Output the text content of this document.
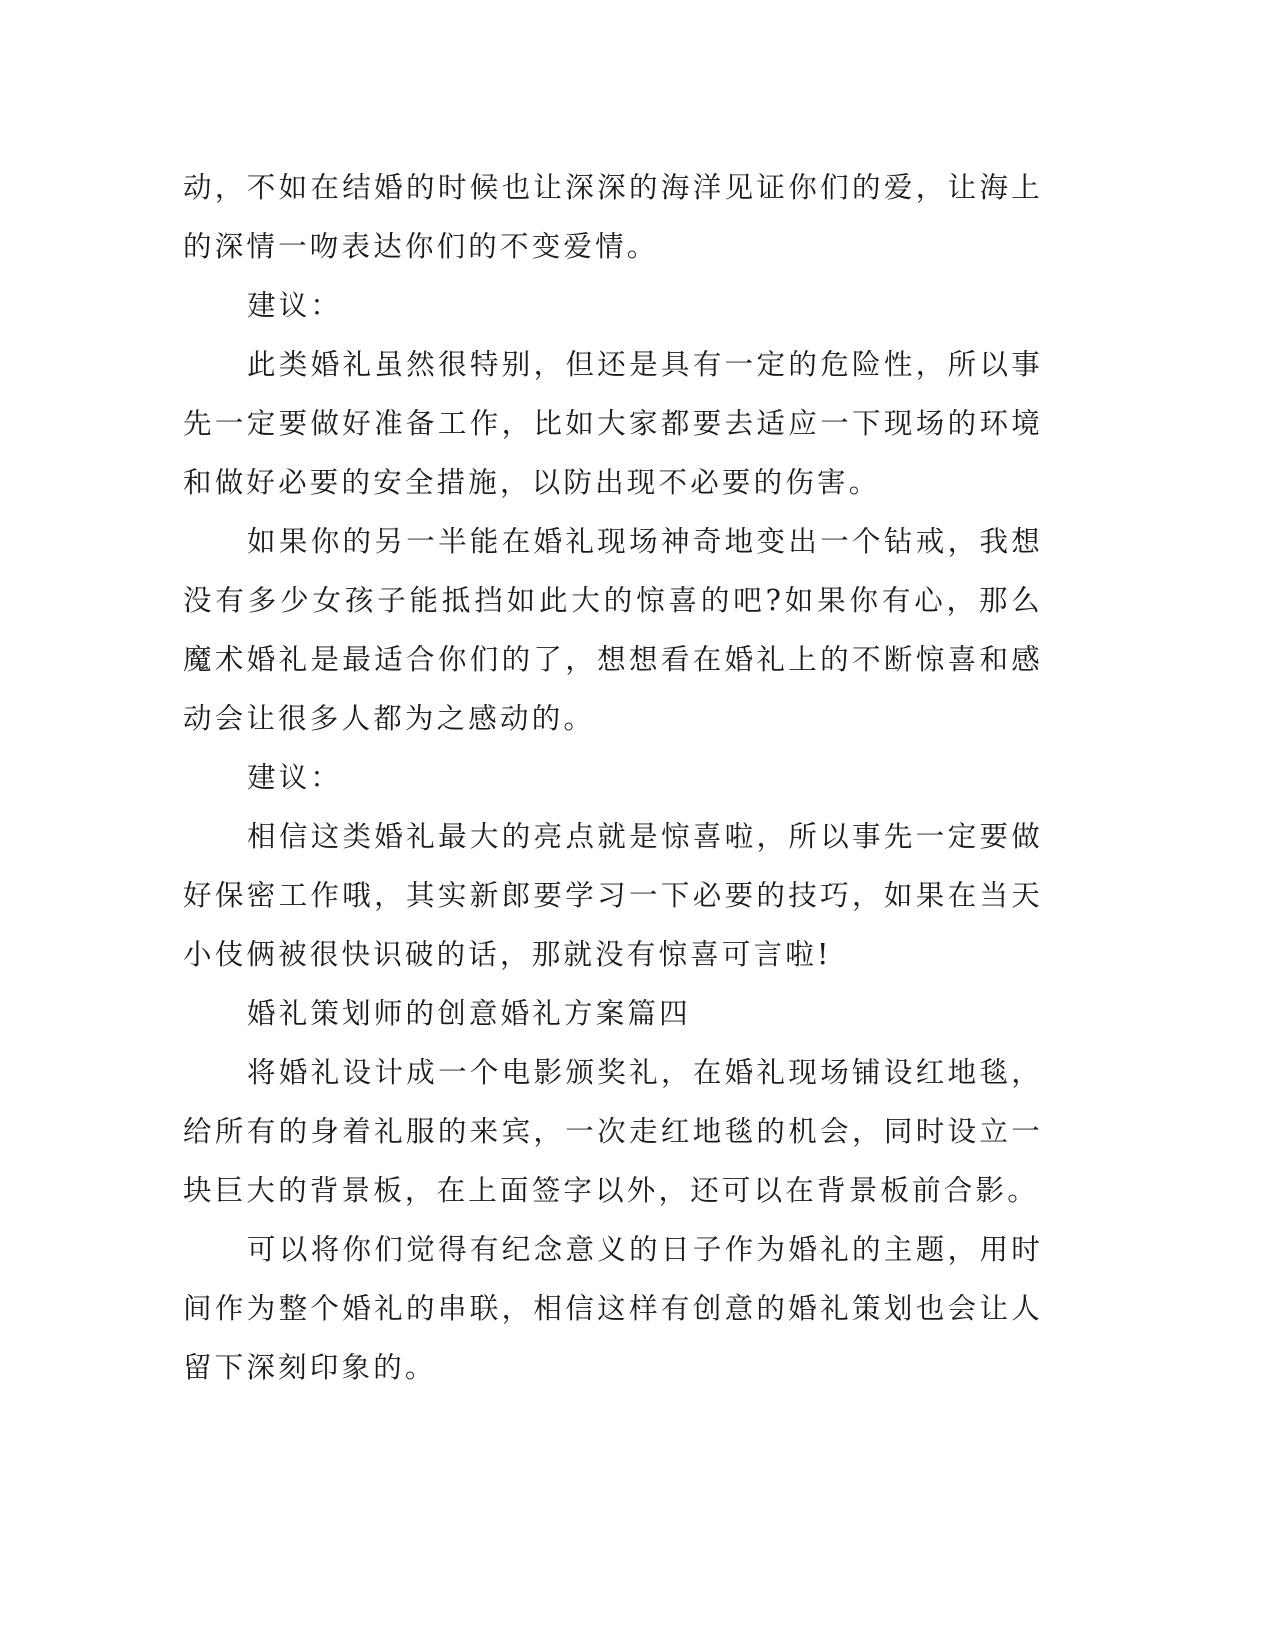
动，不如在结婚的时候也让深深的海洋见证你们的爱，让海上的深情一吻表达你们的不变爱情。

建议：

此类婚礼虽然很特别，但还是具有一定的危险性，所以事先一定要做好准备工作，比如大家都要去适应一下现场的环境和做好必要的安全措施，以防出现不必要的伤害。

如果你的另一半能在婚礼现场神奇地变出一个钻戒，我想没有多少女孩子能抵挡如此大的惊喜的吧?如果你有心，那么魔术婚礼是最适合你们的了，想想看在婚礼上的不断惊喜和感动会让很多人都为之感动的。

建议：

相信这类婚礼最大的亮点就是惊喜啦，所以事先一定要做好保密工作哦，其实新郎要学习一下必要的技巧，如果在当天小伎俩被很快识破的话，那就没有惊喜可言啦!

婚礼策划师的创意婚礼方案篇四

将婚礼设计成一个电影颁奖礼，在婚礼现场铺设红地毯，给所有的身着礼服的来宾，一次走红地毯的机会，同时设立一块巨大的背景板，在上面签字以外，还可以在背景板前合影。

可以将你们觉得有纪念意义的日子作为婚礼的主题，用时间作为整个婚礼的串联，相信这样有创意的婚礼策划也会让人留下深刻印象的。
